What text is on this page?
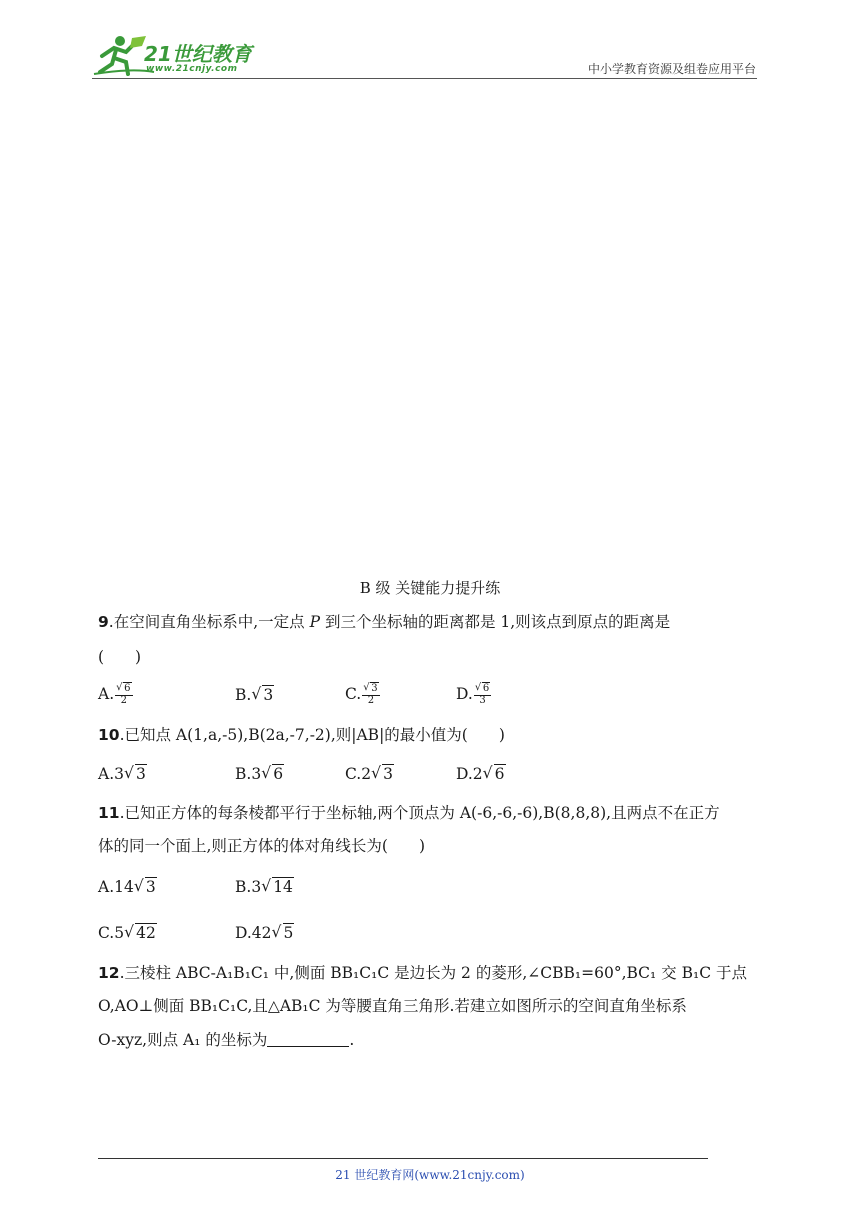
21世纪教育
www.21cnjy.com	中小学教育资源及组卷应用平台
B 级 关键能力提升练
9.在空间直角坐标系中,一定点 P 到三个坐标轴的距离都是 1,则该点到原点的距离是
(　　)
A. √ $\frac{6}{2}$	B. √ 3	C. √ $\frac{3}{2}$	D. √ $\frac{6}{3}$
10.已知点 A(1,a,-5),B(2a,-7,-2),则|AB|的最小值为(　　)
A.3 √ 3	B.3 √ 6	C.2 √ 3	D.2 √ 6
11.已知正方体的每条棱都平行于坐标轴,两个顶点为 A(-6,-6,-6),B(8,8,8),且两点不在正方
体的同一个面上,则正方体的体对角线长为(　　)
A.14 √ 3	B.3 √ 14
C.5 √ 42	D.42 √ 5
12.三棱柱 ABC-A₁B₁C₁ 中,侧面 BB₁C₁C 是边长为 2 的菱形,∠CBB₁=60°,BC₁ 交 B₁C 于点
O,AO⊥侧面 BB₁C₁C,且△AB₁C 为等腰直角三角形.若建立如图所示的空间直角坐标系
O-xyz,则点 A₁ 的坐标为	.
21 世纪教育网(www.21cnjy.com)
